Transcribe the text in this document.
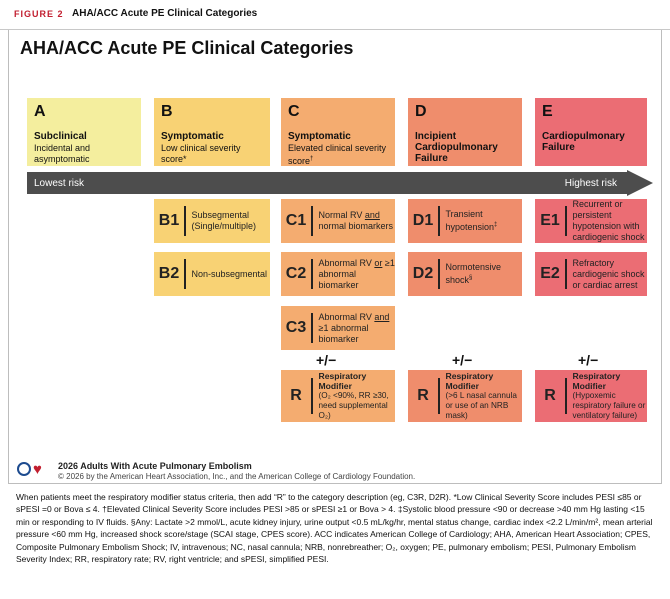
FIGURE 2 AHA/ACC Acute PE Clinical Categories
AHA/ACC Acute PE Clinical Categories
A
Subclinical
Incidental and asymptomatic
B
Symptomatic
Low clinical severity score*
C
Symptomatic
Elevated clinical severity score†
D
Incipient Cardiopulmonary Failure
E
Cardiopulmonary Failure
Lowest risk	Highest risk
B1	Subsegmental (Single/multiple)
B2	Non-subsegmental
C1	Normal RV and normal biomarkers
C2
Abnormal RV or ≥1 abnormal biomarker
C3
Abnormal RV and ≥1 abnormal biomarker
D1	Transient hypotension‡
D2	Normotensive shock§
E1
Recurrent or persistent hypotension with cardiogenic shock
E2
Refractory cardiogenic shock or cardiac arrest
+/−	+/−	+/−
R
Respiratory Modifier
(O₂ <90%, RR ≥30, need supplemental O₂)
R
Respiratory Modifier
(>6 L nasal cannula or use of an NRB mask)
R
Respiratory Modifier
(Hypoxemic respiratory failure or ventilatory failure)
♥ 2026 Adults With Acute Pulmonary Embolism
© 2026 by the American Heart Association, Inc., and the American College of Cardiology Foundation.
When patients meet the respiratory modifier status criteria, then add “R” to the category description (eg, C3R, D2R). *Low Clinical Severity Score includes PESI ≤85 or sPESI =0 or Bova ≤ 4. †Elevated Clinical Severity Score includes PESI >85 or sPESI ≥1 or Bova > 4. ‡Systolic blood pressure <90 or decrease >40 mm Hg lasting <15 min or responding to IV fluids. §Any: Lactate >2 mmol/L, acute kidney injury, urine output <0.5 mL/kg/hr, mental status change, cardiac index <2.2 L/min/m², mean arterial pressure <60 mm Hg, increased shock score/stage (SCAI stage, CPES score). ACC indicates American College of Cardiology; AHA, American Heart Association; CPES, Composite Pulmonary Embolism Shock; IV, intravenous; NC, nasal cannula; NRB, nonrebreather; O₂, oxygen; PE, pulmonary embolism; PESI, Pulmonary Embolism Severity Index; RR, respiratory rate; RV, right ventricle; and sPESI, simplified PESI.
